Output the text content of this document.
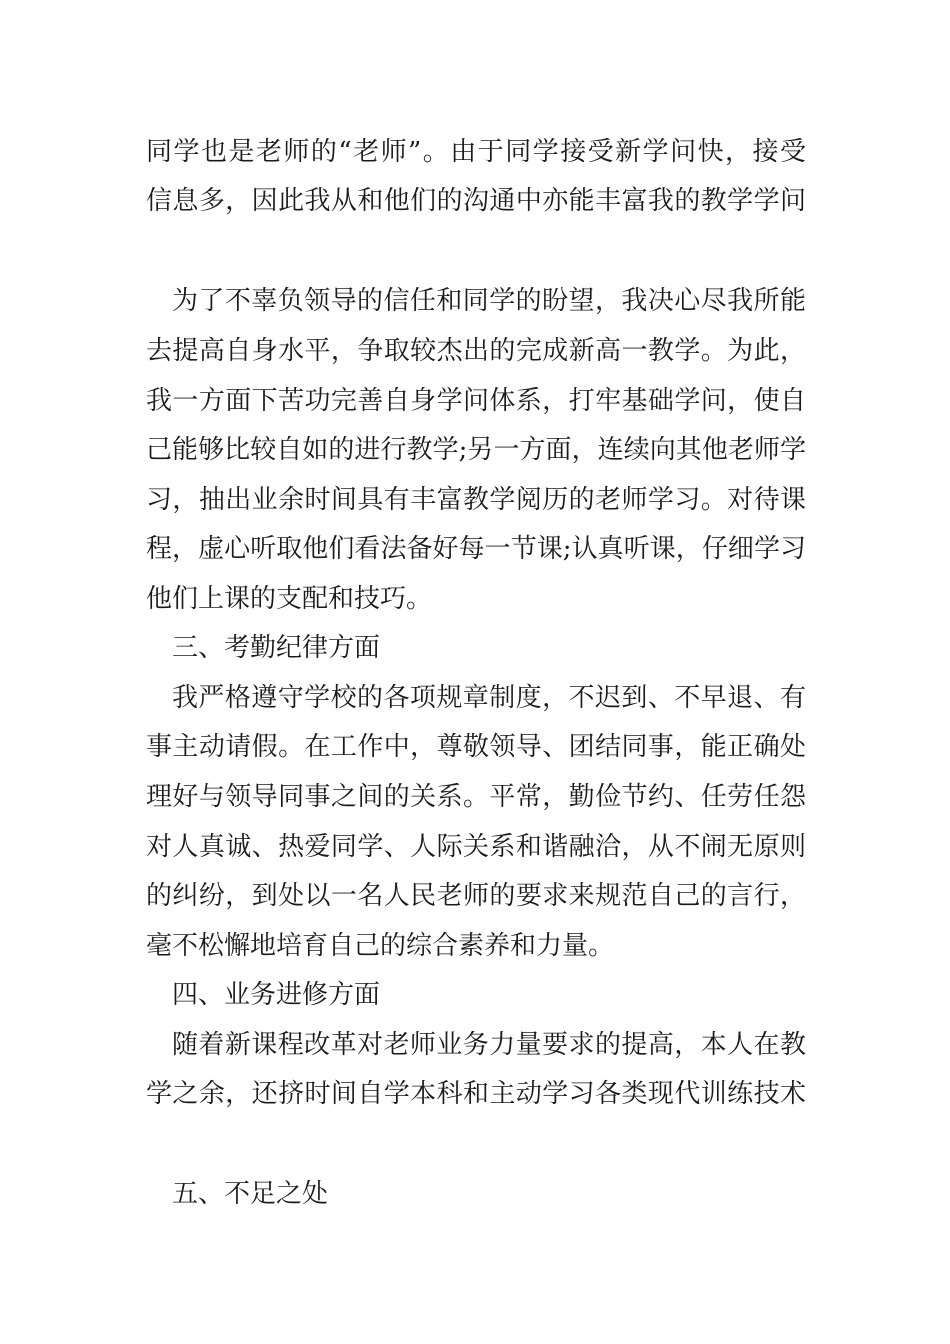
同学也是老师的“老师”。由于同学接受新学问快，接受
信息多，因此我从和他们的沟通中亦能丰富我的教学学问
为了不辜负领导的信任和同学的盼望，我决心尽我所能
去提高自身水平，争取较杰出的完成新高一教学。为此，
我一方面下苦功完善自身学问体系，打牢基础学问，使自
己能够比较自如的进行教学;另一方面，连续向其他老师学
习，抽出业余时间具有丰富教学阅历的老师学习。对待课
程，虚心听取他们看法备好每一节课;认真听课，仔细学习
他们上课的支配和技巧。
三、考勤纪律方面
我严格遵守学校的各项规章制度，不迟到、不早退、有
事主动请假。在工作中，尊敬领导、团结同事，能正确处
理好与领导同事之间的关系。平常，勤俭节约、任劳任怨
对人真诚、热爱同学、人际关系和谐融洽，从不闹无原则
的纠纷，到处以一名人民老师的要求来规范自己的言行，
毫不松懈地培育自己的综合素养和力量。
四、业务进修方面
随着新课程改革对老师业务力量要求的提高，本人在教
学之余，还挤时间自学本科和主动学习各类现代训练技术
五、不足之处
